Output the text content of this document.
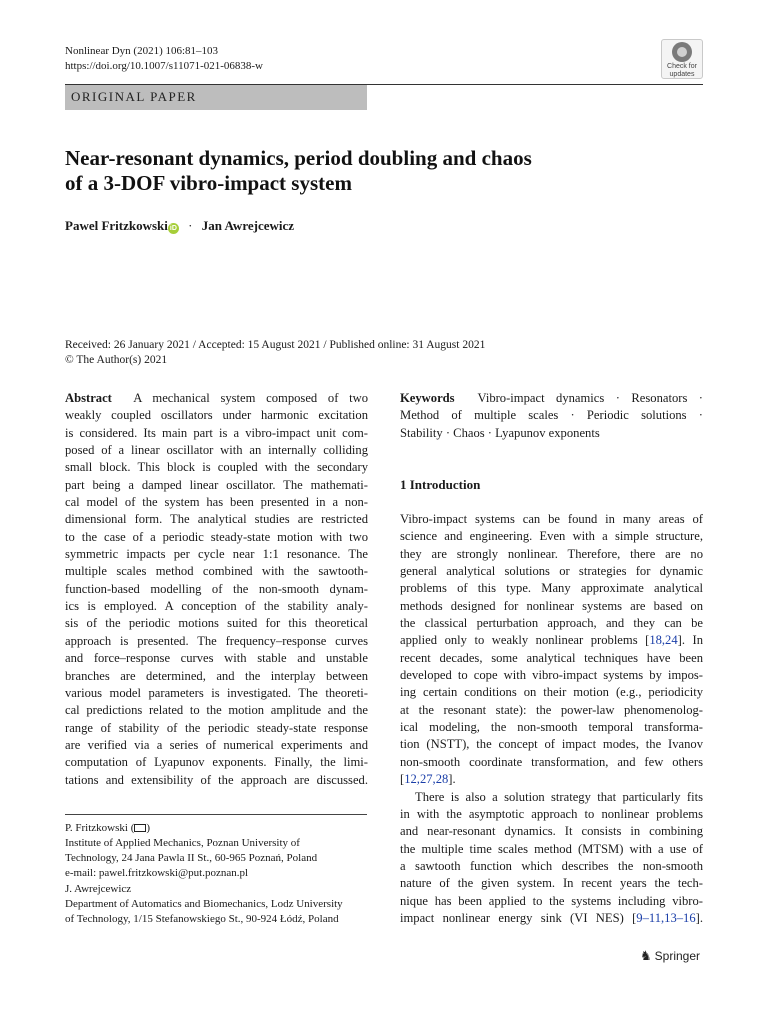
Nonlinear Dyn (2021) 106:81–103
https://doi.org/10.1007/s11071-021-06838-w	Check for
updates
ORIGINAL PAPER
Near-resonant dynamics, period doubling and chaos
of a 3-DOF vibro-impact system
Pawel Fritzkowski iD · Jan Awrejcewicz
Received: 26 January 2021 / Accepted: 15 August 2021 / Published online: 31 August 2021
© The Author(s) 2021
Abstract A mechanical system composed of two
weakly coupled oscillators under harmonic excitation
is considered. Its main part is a vibro-impact unit com-
posed of a linear oscillator with an internally colliding
small block. This block is coupled with the secondary
part being a damped linear oscillator. The mathemati-
cal model of the system has been presented in a non-
dimensional form. The analytical studies are restricted
to the case of a periodic steady-state motion with two
symmetric impacts per cycle near 1:1 resonance. The
multiple scales method combined with the sawtooth-
function-based modelling of the non-smooth dynam-
ics is employed. A conception of the stability analy-
sis of the periodic motions suited for this theoretical
approach is presented. The frequency–response curves
and force–response curves with stable and unstable
branches are determined, and the interplay between
various model parameters is investigated. The theoreti-
cal predictions related to the motion amplitude and the
range of stability of the periodic steady-state response
are verified via a series of numerical experiments and
computation of Lyapunov exponents. Finally, the limi-
tations and extensibility of the approach are discussed.
Keywords Vibro-impact dynamics · Resonators ·
Method of multiple scales · Periodic solutions ·
Stability · Chaos · Lyapunov exponents
1 Introduction
Vibro-impact systems can be found in many areas of
science and engineering. Even with a simple structure,
they are strongly nonlinear. Therefore, there are no
general analytical solutions or strategies for dynamic
problems of this type. Many approximate analytical
methods designed for nonlinear systems are based on
the classical perturbation approach, and they can be
applied only to weakly nonlinear problems [18,24]. In
recent decades, some analytical techniques have been
developed to cope with vibro-impact systems by impos-
ing certain conditions on their motion (e.g., periodicity
at the resonant state): the power-law phenomenolog-
ical modeling, the non-smooth temporal transforma-
tion (NSTT), the concept of impact modes, the Ivanov
non-smooth coordinate transformation, and few others
[12,27,28].
There is also a solution strategy that particularly fits
in with the asymptotic approach to nonlinear problems
and near-resonant dynamics. It consists in combining
the multiple time scales method (MTSM) with a use of
a sawtooth function which describes the non-smooth
nature of the given system. In recent years the tech-
nique has been applied to the systems including vibro-
impact nonlinear energy sink (VI NES) [9–11,13–16].
P. Fritzkowski ( )
Institute of Applied Mechanics, Poznan University of
Technology, 24 Jana Pawla II St., 60-965 Poznań, Poland
e-mail: pawel.fritzkowski@put.poznan.pl
J. Awrejcewicz
Department of Automatics and Biomechanics, Lodz University
of Technology, 1/15 Stefanowskiego St., 90-924 Łódź, Poland
♞ Springer
